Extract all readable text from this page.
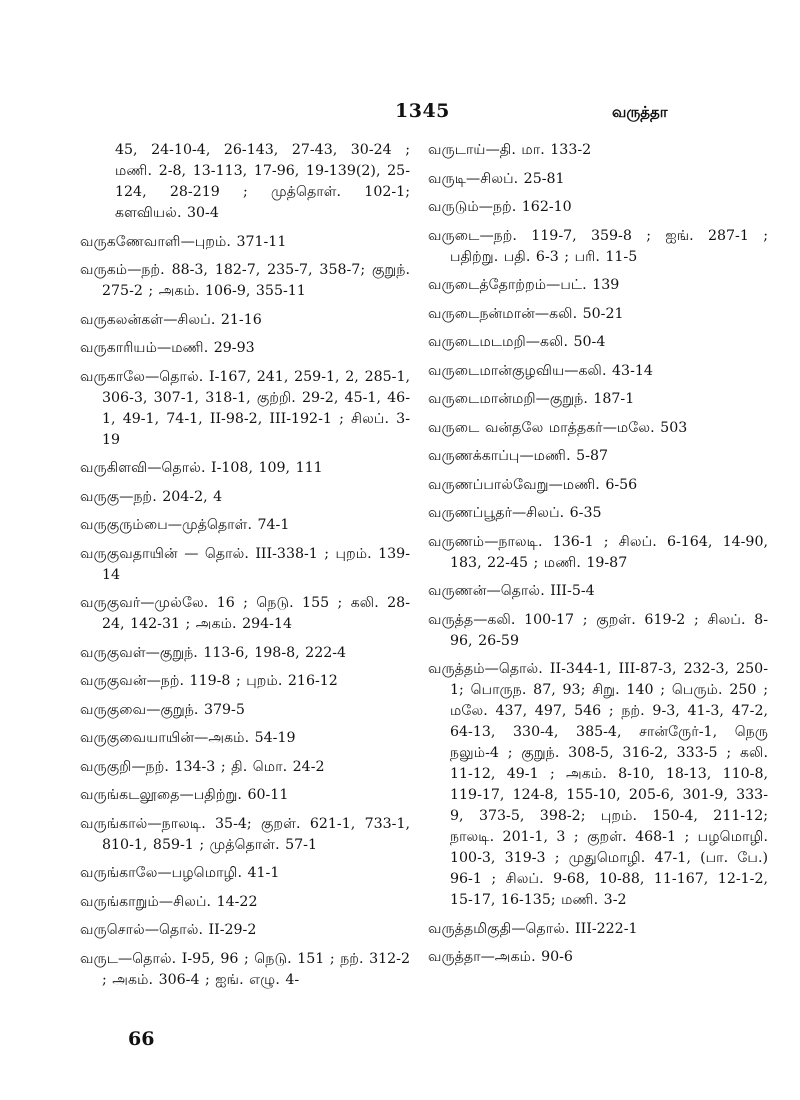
1345	வருத்தா
45, 24-10-4, 26-143, 27-43, 30-24 ; மணி. 2-8, 13-113, 17-96, 19-139(2), 25-124, 28-219 ; முத்தொள். 102-1; களவியல். 30-4
வருகணேவாளி—புறம். 371-11
வருகம்—நற். 88-3, 182-7, 235-7, 358-7; குறுந். 275-2 ; அகம். 106-9, 355-11
வருகலன்கள்—சிலப். 21-16
வருகாரியம்—மணி. 29-93
வருகாலே—தொல். I-167, 241, 259-1, 2, 285-1, 306-3, 307-1, 318-1, குற்றி. 29-2, 45-1, 46-1, 49-1, 74-1, II-98-2, III-192-1 ; சிலப். 3-19
வருகிளவி—தொல். I-108, 109, 111
வருகு—நற். 204-2, 4
வருகுரும்பை—முத்தொள். 74-1
வருகுவதாயின் — தொல். III-338-1 ; புறம். 139-14
வருகுவர்—முல்லே. 16 ; நெடு. 155 ; கலி. 28-24, 142-31 ; அகம். 294-14
வருகுவள்—குறுந். 113-6, 198-8, 222-4
வருகுவன்—நற். 119-8 ; புறம். 216-12
வருகுவை—குறுந். 379-5
வருகுவையாயின்—அகம். 54-19
வருகுறி—நற். 134-3 ; தி. மொ. 24-2
வருங்கடலூதை—பதிற்று. 60-11
வருங்கால்—நாலடி. 35-4; குறள். 621-1, 733-1, 810-1, 859-1 ; முத்தொள். 57-1
வருங்காலே—பழமொழி. 41-1
வருங்காறும்—சிலப். 14-22
வருசொல்—தொல். II-29-2
வருட—தொல். I-95, 96 ; நெடு. 151 ; நற். 312-2 ; அகம். 306-4 ; ஐங். எழு. 4-
வருடாய்—தி. மா. 133-2
வருடி—சிலப். 25-81
வருடும்—நற். 162-10
வருடை—நற். 119-7, 359-8 ; ஐங். 287-1 ; பதிற்று. பதி. 6-3 ; பரி. 11-5
வருடைத்தோற்றம்—பட். 139
வருடைநன்மான்—கலி. 50-21
வருடைமடமறி—கலி. 50-4
வருடைமான்குழவிய—கலி. 43-14
வருடைமான்மறி—குறுந். 187-1
வருடை வன்தலே மாத்தகர்—மலே. 503
வருணக்காப்பு—மணி. 5-87
வருணப்பால்வேறு—மணி. 6-56
வருணப்பூதர்—சிலப். 6-35
வருணம்—நாலடி. 136-1 ; சிலப். 6-164, 14-90, 183, 22-45 ; மணி. 19-87
வருணன்—தொல். III-5-4
வருத்த—கலி. 100-17 ; குறள். 619-2 ; சிலப். 8-96, 26-59
வருத்தம்—தொல். II-344-1, III-87-3, 232-3, 250-1; பொருந. 87, 93; சிறு. 140 ; பெரும். 250 ; மலே. 437, 497, 546 ; நற். 9-3, 41-3, 47-2, 64-13, 330-4, 385-4, சான்ருேர்-1, நெரு நலும்-4 ; குறுந். 308-5, 316-2, 333-5 ; கலி. 11-12, 49-1 ; அகம். 8-10, 18-13, 110-8, 119-17, 124-8, 155-10, 205-6, 301-9, 333-9, 373-5, 398-2; புறம். 150-4, 211-12; நாலடி. 201-1, 3 ; குறள். 468-1 ; பழமொழி. 100-3, 319-3 ; முதுமொழி. 47-1, (பா. பே.) 96-1 ; சிலப். 9-68, 10-88, 11-167, 12-1-2, 15-17, 16-135; மணி. 3-2
வருத்தமிகுதி—தொல். III-222-1
வருத்தா—அகம். 90-6
66
